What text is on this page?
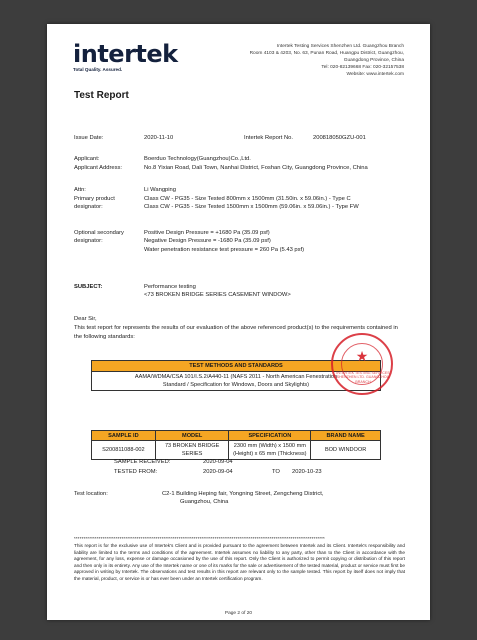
intertek
Total Quality. Assured.
Intertek Testing Services Shenzhen Ltd. Guangzhou Branch
Room 4103 & 4203, No. 63, Punan Road, Huangpu District, Guangzhou,
Guangdong Province, China
Tel: 020-82139668 Fax: 020-32157538
Website: www.intertek.com
Test Report
Issue Date:	2020-11-10	Intertek Report No.	200818050GZU-001
Applicant:	Boerduo Technology(Guangzhou)Co.,Ltd.
Applicant Address:	No.8 Yixian Road, Dali Town, Nanhai District, Foshan City, Guangdong Province, China
Attn:	Li Wangping
Primary product designator:
Class CW - PG35 - Size Tested 800mm x 1500mm (31.50in. x 59.06in.) - Type C
Class CW - PG35 - Size Tested 1500mm x 1500mm (59.06in. x 59.06in.) - Type FW
Optional secondary designator:
Positive Design Pressure = +1680 Pa (35.09 psf)
Negative Design Pressure = -1680 Pa (35.09 psf)
Water penetration resistance test pressure = 260 Pa (5.43 psf)
SUBJECT:	Performance testing
<73 BROKEN BRIDGE SERIES CASEMENT WINDOW>
Dear Sir,
This test report for represents the results of our evaluation of the above referenced product(s) to the requirements contained in the following standards:
TEST METHODS AND STANDARDS

AAMA/WDMA/CSA 101/I.S.2/A440-11 (NAFS 2011 - North American Fenestration
Standard / Specification for Windows, Doors and Skylights)
★
INTERTEK TESTING SERVICES SHENZHEN LTD. GUANGZHOU BRANCH
SAMPLE ID	MODEL	SPECIFICATION	BRAND NAME
S200811088-002	73 BROKEN BRIDGE SERIES	2300 mm (Width) x 1500 mm (Height) x 65 mm (Thickness)	BOD WINDOOR
SAMPLE RECEIVED:	2020-09-04
TESTED FROM:	2020-09-04	TO 2020-10-23
Test location:	C2-1 Building Heping fair, Yongning Street, Zengcheng District,
Guangzhou, China
************************************************************************************************************************************
This report is for the exclusive use of Intertek's Client and is provided pursuant to the agreement between Intertek and its Client. Intertek's responsibility and liability are limited to the terms and conditions of the agreement. Intertek assumes no liability to any party, other than to the Client in accordance with the agreement, for any loss, expense or damage occasioned by the use of this report. Only the Client is authorized to permit copying or distribution of this report and then only in its entirety. Any use of the Intertek name or one of its marks for the sale or advertisement of the tested material, product or service must first be approved in writing by Intertek. The observations and test results in this report are relevant only to the sample tested. This report by itself does not imply that the material, product, or service is or has ever been under an Intertek certification program.
Page 2 of 20
